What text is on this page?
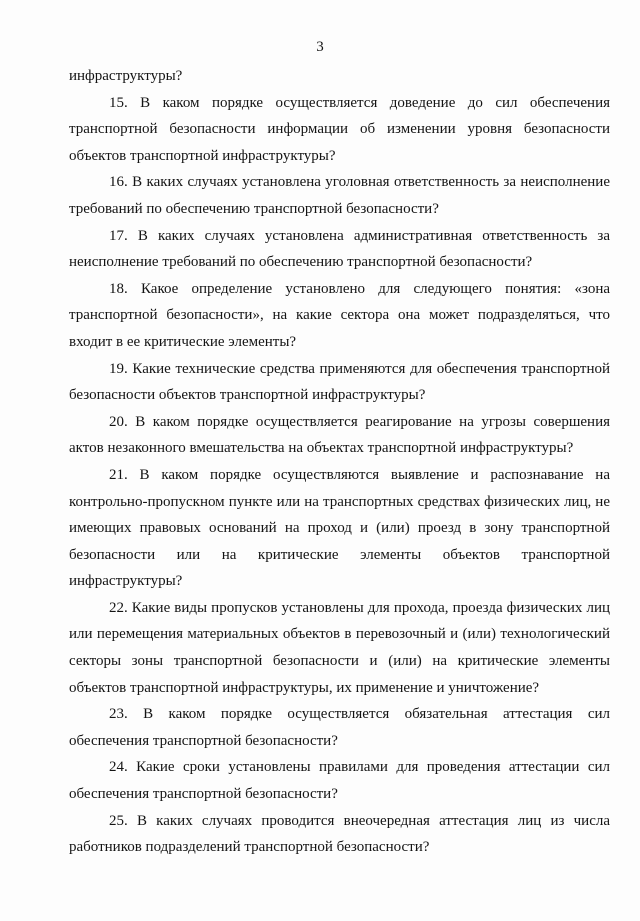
3

инфраструктуры?

15. В каком порядке осуществляется доведение до сил обеспечения транспортной безопасности информации об изменении уровня безопасности объектов транспортной инфраструктуры?

16. В каких случаях установлена уголовная ответственность за неисполнение требований по обеспечению транспортной безопасности?

17. В каких случаях установлена административная ответственность за неисполнение требований по обеспечению транспортной безопасности?

18. Какое определение установлено для следующего понятия: «зона транспортной безопасности», на какие сектора она может подразделяться, что входит в ее критические элементы?

19. Какие технические средства применяются для обеспечения транспортной безопасности объектов транспортной инфраструктуры?

20. В каком порядке осуществляется реагирование на угрозы совершения актов незаконного вмешательства на объектах транспортной инфраструктуры?

21. В каком порядке осуществляются выявление и распознавание на контрольно-пропускном пункте или на транспортных средствах физических лиц, не имеющих правовых оснований на проход и (или) проезд в зону транспортной безопасности или на критические элементы объектов транспортной инфраструктуры?

22. Какие виды пропусков установлены для прохода, проезда физических лиц или перемещения материальных объектов в перевозочный и (или) технологический секторы зоны транспортной безопасности и (или) на критические элементы объектов транспортной инфраструктуры, их применение и уничтожение?

23. В каком порядке осуществляется обязательная аттестация сил обеспечения транспортной безопасности?

24. Какие сроки установлены правилами для проведения аттестации сил обеспечения транспортной безопасности?

25. В каких случаях проводится внеочередная аттестация лиц из числа работников подразделений транспортной безопасности?
